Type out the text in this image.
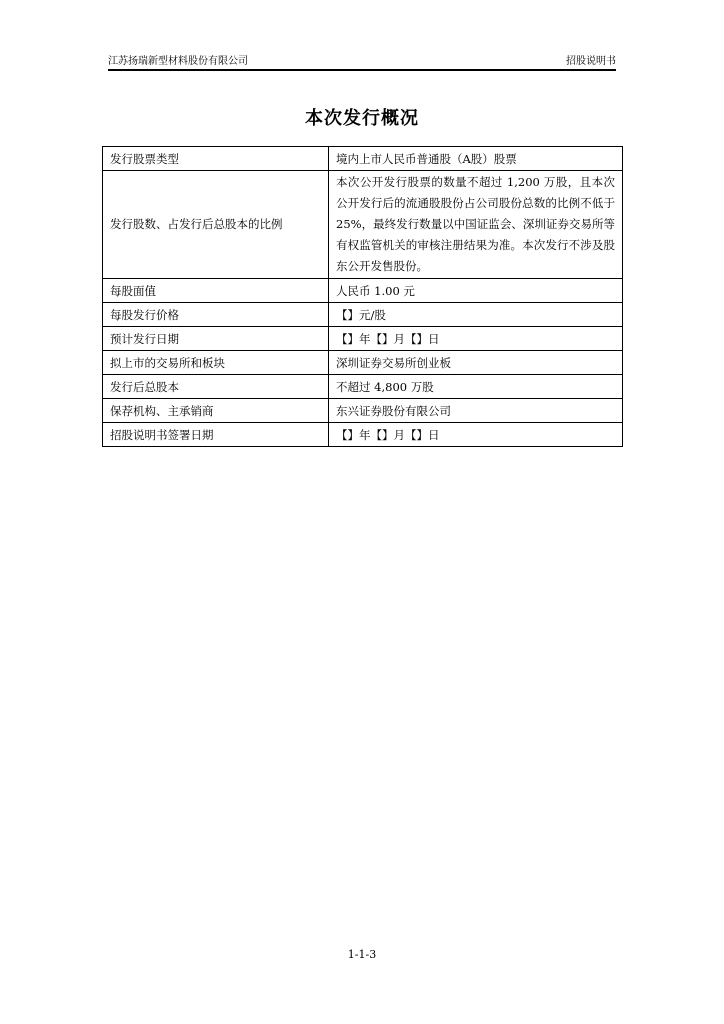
江苏扬瑞新型材料股份有限公司	招股说明书
本次发行概况
发行股票类型	境内上市人民币普通股（A股）股票
发行股数、占发行后总股本的比例	本次公开发行股票的数量不超过 1,200 万股，且本次公开发行后的流通股股份占公司股份总数的比例不低于 25%，最终发行数量以中国证监会、深圳证券交易所等有权监管机关的审核注册结果为准。本次发行不涉及股东公开发售股份。
每股面值	人民币 1.00 元
每股发行价格	【】元/股
预计发行日期	【】年【】月【】日
拟上市的交易所和板块	深圳证券交易所创业板
发行后总股本	不超过 4,800 万股
保荐机构、主承销商	东兴证券股份有限公司
招股说明书签署日期	【】年【】月【】日
1-1-3
